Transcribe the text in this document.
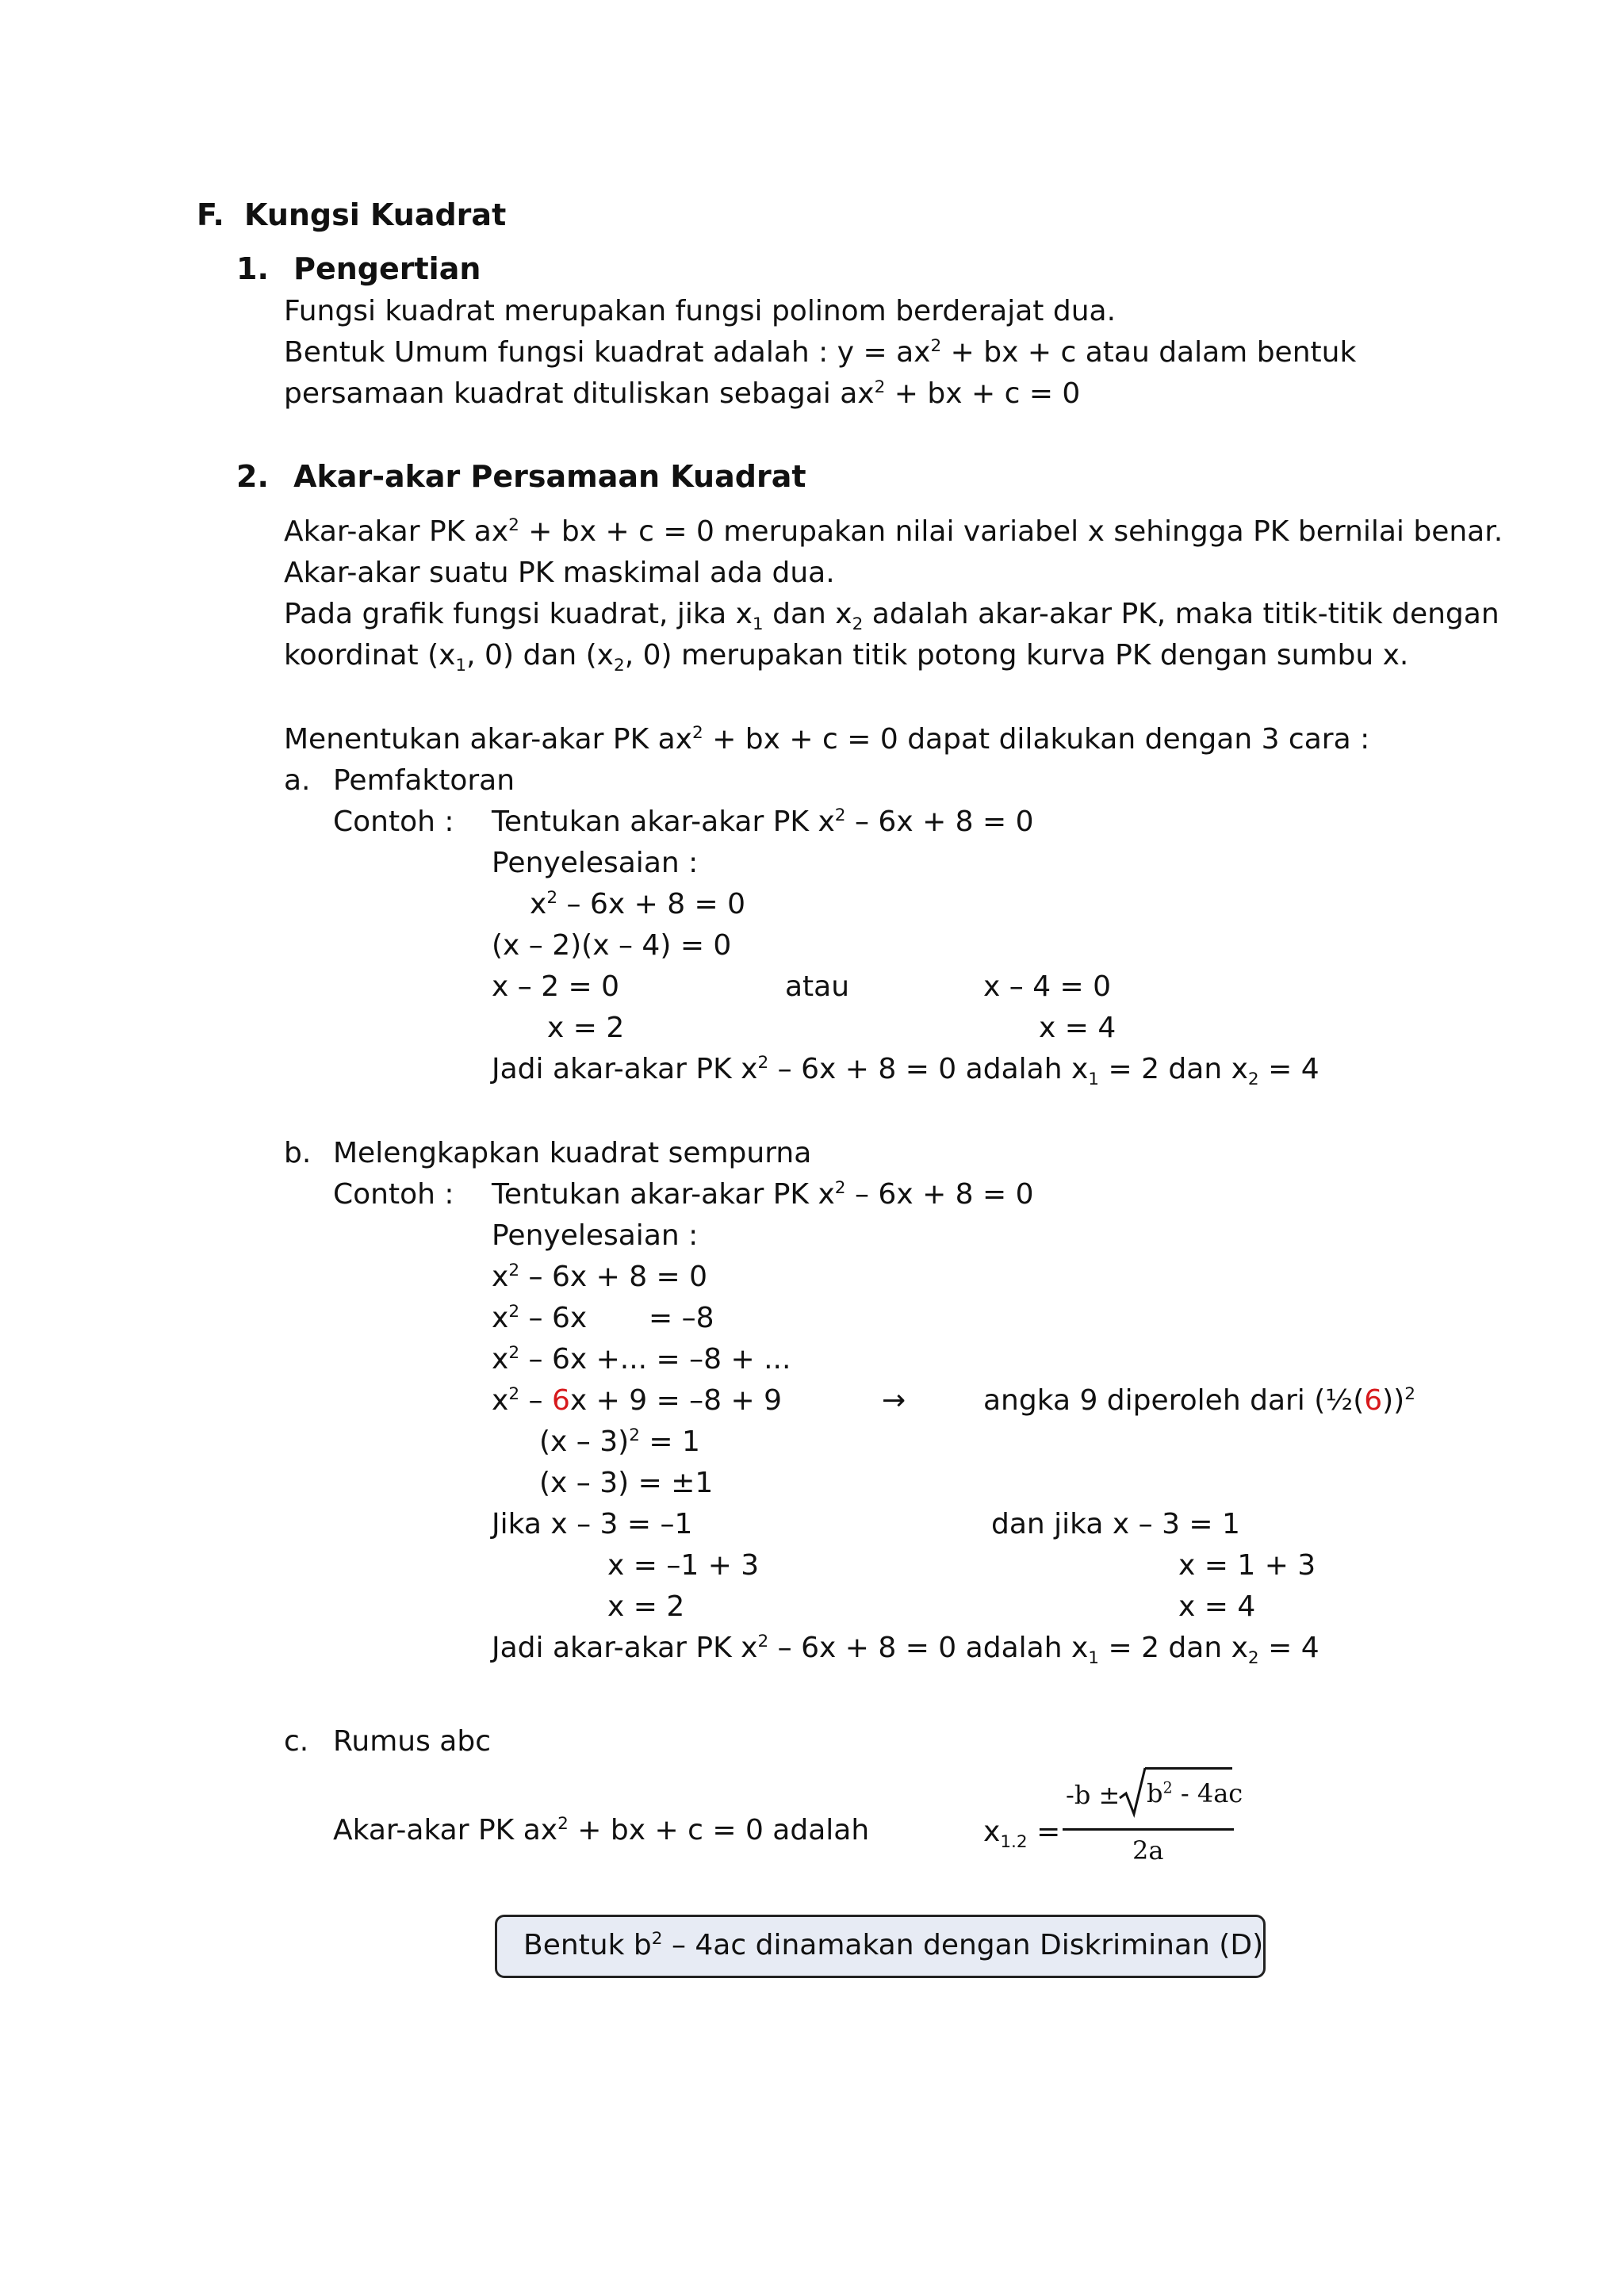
F. Kungsi Kuadrat
1. Pengertian
Fungsi kuadrat merupakan fungsi polinom berderajat dua.
Bentuk Umum fungsi kuadrat adalah : $y = ax^2$ + bx + c atau dalam bentuk
persamaan kuadrat dituliskan sebagai $ax^2$ + bx + c = 0
2. Akar-akar Persamaan Kuadrat
Akar-akar PK $ax^2$ + bx + c = 0 merupakan nilai variabel x sehingga PK bernilai benar.
Akar-akar suatu PK maskimal ada dua.
Pada grafik fungsi kuadrat, jika $x_1$ dan $x_2$ adalah akar-akar PK, maka titik-titik dengan
koordinat ($x_1$, 0) dan ($x_2$, 0) merupakan titik potong kurva PK dengan sumbu x.
Menentukan akar-akar PK $ax^2$ + bx + c = 0 dapat dilakukan dengan 3 cara :
a. Pemfaktoran
Contoh : Tentukan akar-akar PK $x^2 - 6x + 8 = 0$
Penyelesaian :
$x^2 - 6x + 8 = 0$
(x – 2)(x – 4) = 0
x – 2 = 0	atau	x – 4 = 0
x = 2	x = 4
Jadi akar-akar PK $x^2 - 6x + 8 = 0$ adalah $x_1 = 2$ dan $x_2 = 4$
b. Melengkapkan kuadrat sempurna
Contoh : Tentukan akar-akar PK $x^2 - 6x + 8 = 0$
Penyelesaian :
$x^2 - 6x + 8 = 0$
$x^2 - 6x = -8$
$x^2 - 6x$ +... = –8 + ...
$x^2 - 6x + 9 = -8 + 9$	→	angka 9 diperoleh dari (½(6))$^2$
(x – 3)$^2$ = 1
(x – 3) = ±1
Jika x – 3 = –1	dan jika x – 3 = 1
x = –1 + 3	x = 1 + 3
x = 2	x = 4
Jadi akar-akar PK $x^2 - 6x + 8 = 0$ adalah $x_1 = 2$ dan $x_2 = 4$
c. Rumus abc
Akar-akar PK $ax^2$ + bx + c = 0 adalah	$x_{1.2}$ =
$-b \pm b^2 - 4ac$
2a
Bentuk $b^2 - 4ac$ dinamakan dengan Diskriminan (D)
